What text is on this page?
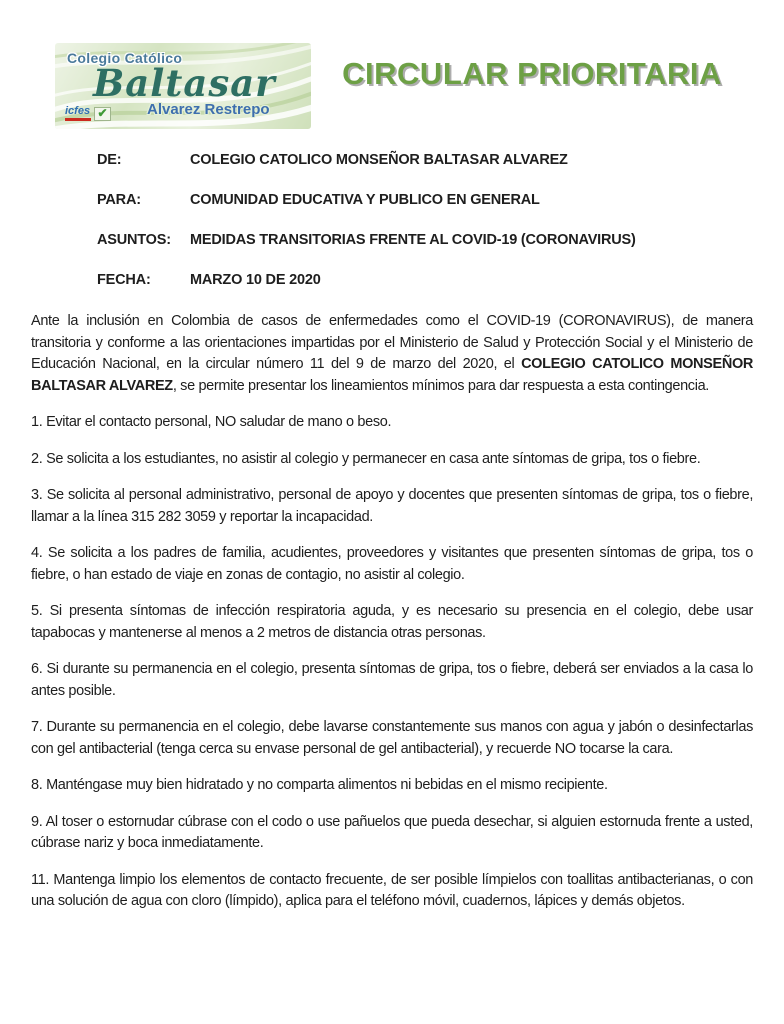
Colegio Católico
Baltasar
Alvarez Restrepo
icfes ✔
CIRCULAR PRIORITARIA
DE:	COLEGIO CATOLICO MONSEÑOR BALTASAR ALVAREZ
PARA:	COMUNIDAD EDUCATIVA Y PUBLICO EN GENERAL
ASUNTOS:	MEDIDAS TRANSITORIAS FRENTE AL COVID-19 (CORONAVIRUS)
FECHA:	MARZO 10 DE 2020

Ante la inclusión en Colombia de casos de enfermedades como el COVID-19 (CORONAVIRUS), de manera transitoria y conforme a las orientaciones impartidas por el Ministerio de Salud y Protección Social y el Ministerio de Educación Nacional, en la circular número 11 del 9 de marzo del 2020, el COLEGIO CATOLICO MONSEÑOR BALTASAR ALVAREZ, se permite presentar los lineamientos mínimos para dar respuesta a esta contingencia.

1. Evitar el contacto personal, NO saludar de mano o beso.

2. Se solicita a los estudiantes, no asistir al colegio y permanecer en casa ante síntomas de gripa, tos o fiebre.

3. Se solicita al personal administrativo, personal de apoyo y docentes que presenten síntomas de gripa, tos o fiebre, llamar a la línea 315 282 3059 y reportar la incapacidad.

4. Se solicita a los padres de familia, acudientes, proveedores y visitantes que presenten síntomas de gripa, tos o fiebre, o han estado de viaje en zonas de contagio, no asistir al colegio.

5. Si presenta síntomas de infección respiratoria aguda, y es necesario su presencia en el colegio, debe usar tapabocas y mantenerse al menos a 2 metros de distancia otras personas.

6. Si durante su permanencia en el colegio, presenta síntomas de gripa, tos o fiebre, deberá ser enviados a la casa lo antes posible.

7. Durante su permanencia en el colegio, debe lavarse constantemente sus manos con agua y jabón o desinfectarlas con gel antibacterial (tenga cerca su envase personal de gel antibacterial), y recuerde NO tocarse la cara.

8. Manténgase muy bien hidratado y no comparta alimentos ni bebidas en el mismo recipiente.

9. Al toser o estornudar cúbrase con el codo o use pañuelos que pueda desechar, si alguien estornuda frente a usted, cúbrase nariz y boca inmediatamente.

11. Mantenga limpio los elementos de contacto frecuente, de ser posible límpielos con toallitas antibacterianas, o con una solución de agua con cloro (límpido), aplica para el teléfono móvil, cuadernos, lápices y demás objetos.
